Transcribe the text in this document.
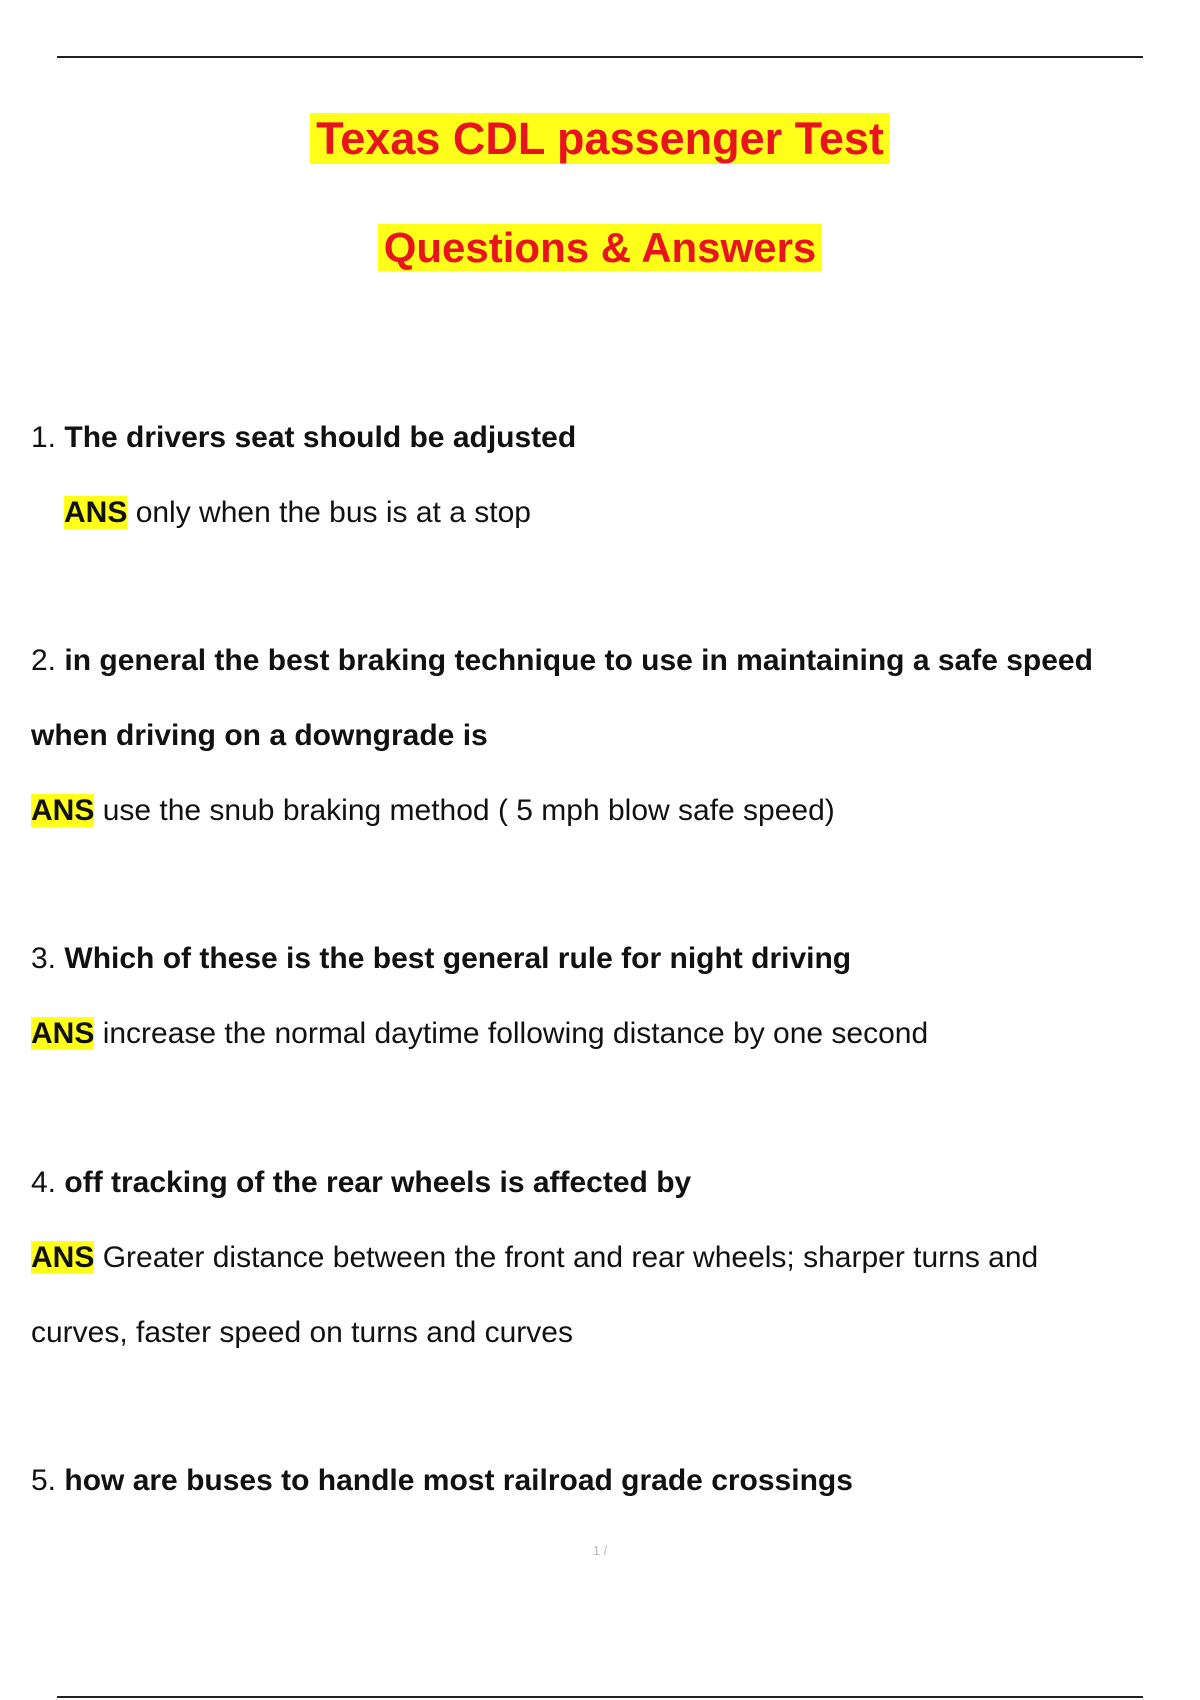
Texas CDL passenger Test
Questions & Answers
1. The drivers seat should be adjusted
ANS only when the bus is at a stop
2. in general the best braking technique to use in maintaining a safe speed
when driving on a downgrade is
ANS use the snub braking method ( 5 mph blow safe speed)
3. Which of these is the best general rule for night driving
ANS increase the normal daytime following distance by one second
4. off tracking of the rear wheels is affected by
ANS Greater distance between the front and rear wheels; sharper turns and
curves, faster speed on turns and curves
5. how are buses to handle most railroad grade crossings
1 /
